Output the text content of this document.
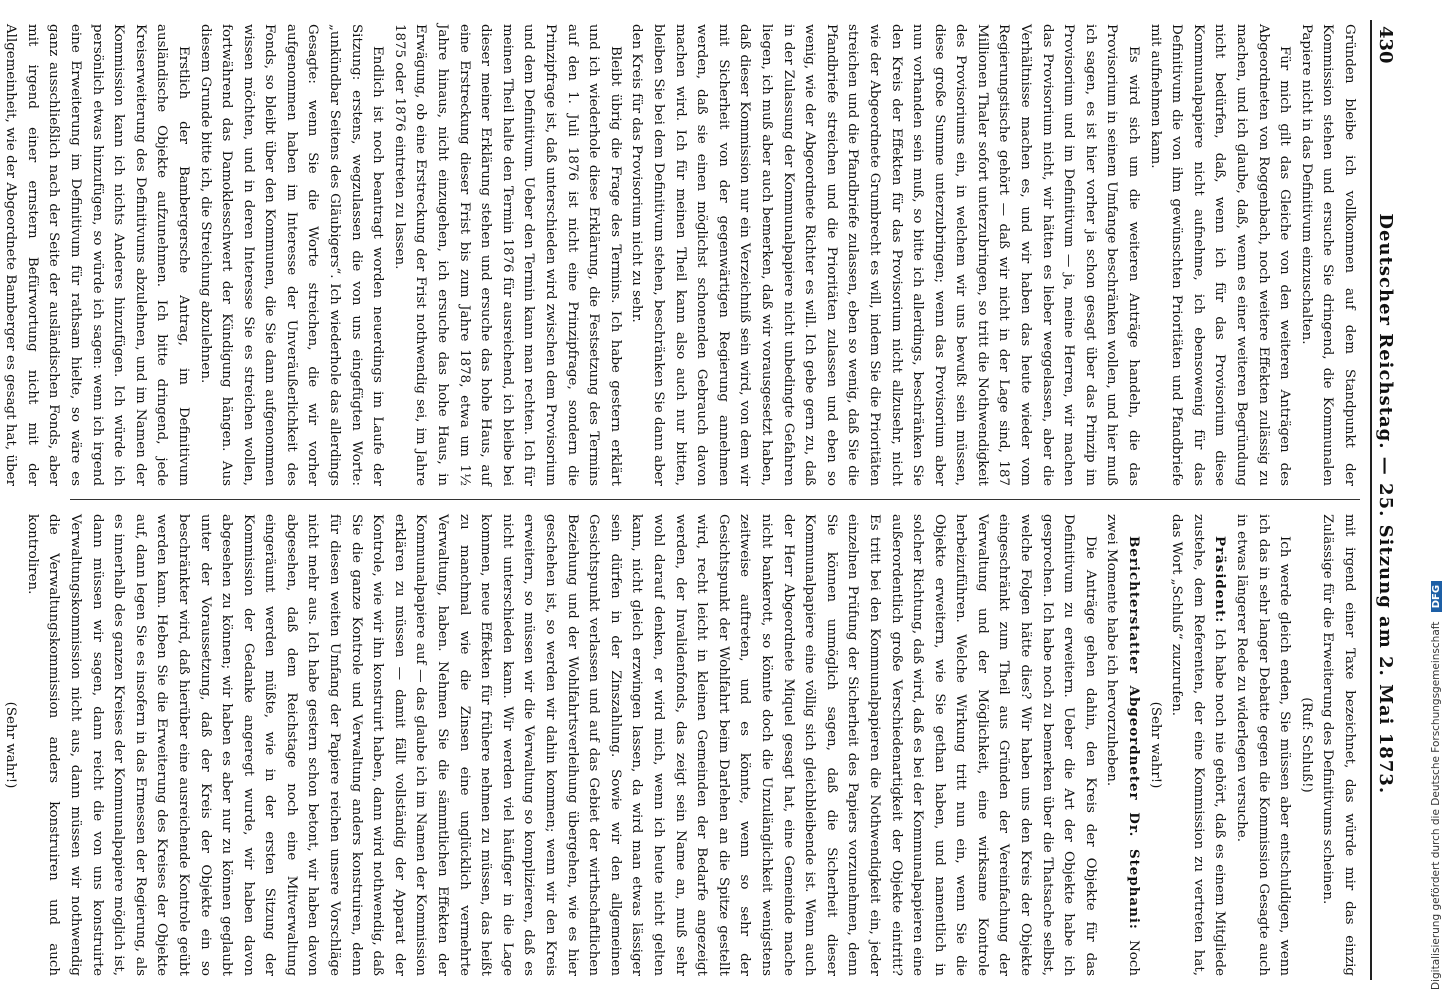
430
Deutscher Reichstag. — 25. Sitzung am 2. Mai 1873.

Gründen bleibe ich vollkommen auf dem Standpunkt der Kommission stehen und ersuche Sie dringend, die Kommunalen Papiere nicht in das Definitivum einzuschalten.

Für mich gilt das Gleiche von den weiteren Anträgen des Abgeordneten von Roggenbach, noch weitere Effekten zulässig zu machen, und ich glaube, daß, wenn es einer weiteren Begründung nicht bedürfen, daß, wenn ich für das Provisorium diese Kommunalpapiere nicht aufnehme, ich ebensowenig für das Definitivum die von ihm gewünschten Prioritäten und Pfandbriefe mit aufnehmen kann.

Es wird sich um die weiteren Anträge handeln, die das Provisorium in seinem Umfange beschränken wollen, und hier muß ich sagen, es ist hier vorher ja schon gesagt über das Prinzip im Provisorium und im Definitivum — ja, meine Herren, wir machen das Provisorium nicht, wir hätten es lieber weggelassen, aber die Verhältnisse machen es, und wir haben das heute wieder vom Regierungstische gehört — daß wir nicht in der Lage sind, 187 Millionen Thaler sofort unterzubringen, so tritt die Nothwendigkeit des Provisoriums ein, in welchem wir uns bewußt sein müssen, diese große Summe unterzubringen; wenn das Provisorium aber nun vorhanden sein muß, so bitte ich allerdings, beschränken Sie den Kreis der Effekten für das Provisorium nicht allzusehr, nicht wie der Abgeordnete Grumbrecht es will, indem Sie die Prioritäten streichen und die Pfandbriefe zulassen, eben so wenig, daß Sie die Pfandbriefe streichen und die Prioritäten zulassen und eben so wenig, wie der Abgeordnete Richter es will. Ich gebe gern zu, daß in der Zulassung der Kommunalpapiere nicht unbedingte Gefahren liegen, ich muß aber auch bemerken, daß wir vorausgesetzt haben, daß dieser Kommission nur ein Verzeichniß sein wird, von dem wir mit Sicherheit von der gegenwärtigen Regierung annehmen werden, daß sie einen möglichst schonenden Gebrauch davon machen wird. Ich für meinen Theil kann also auch nur bitten, bleiben Sie bei dem Definitivum stehen, beschränken Sie dann aber den Kreis für das Provisorium nicht zu sehr.

Bleibt übrig die Frage des Termins. Ich habe gestern erklärt und ich wiederhole diese Erklärung, die Festsetzung des Termins auf den 1. Juli 1876 ist nicht eine Prinzipfrage, sondern die Prinzipfrage ist, daß unterschieden wird zwischen dem Provisorium und dem Definitivum. Ueber den Termin kann man rechten. Ich für meinen Theil halte den Termin 1876 für ausreichend, ich bleibe bei dieser meiner Erklärung stehen und ersuche das hohe Haus, auf eine Erstreckung dieser Frist bis zum Jahre 1878, etwa um 1½ Jahre hinaus, nicht einzugehen, ich ersuche das hohe Haus, in Erwägung, ob eine Erstreckung der Frist nothwendig sei, im Jahre 1875 oder 1876 eintreten zu lassen.

Endlich ist noch beantragt worden neuerdings im Laufe der Sitzung: erstens, wegzulassen die von uns eingefügten Worte: „unkündbar Seitens des Gläubigers“. Ich wiederhole das allerdings Gesagte: wenn Sie die Worte streichen, die wir vorher aufgenommen haben im Interesse der Unveräußerlichkeit des Fonds, so bleibt über den Kommunen, die Sie dann aufgenommen wissen möchten, und in deren Interesse Sie es streichen wollen, fortwährend das Damoklesschwert der Kündigung hängen. Aus diesem Grunde bitte ich, die Streichung abzulehnen.

Erstlich der Bambergersche Antrag, im Definitivum ausländische Objekte aufzunehmen. Ich bitte dringend, jede Kreiserweiterung des Definitivums abzulehnen, und im Namen der Kommission kann ich nichts Anderes hinzufügen. Ich würde ich persönlich etwas hinzufügen, so würde ich sagen: wenn ich irgend eine Erweiterung im Definitivum für rathsam hielte, so wäre es ganz ausschließlich nach der Seite der ausländischen Fonds, aber mit irgend einer ernstern Befürwortung nicht mit der Allgemeinheit, wie der Abgeordnete Bamberger es gesagt hat, über

mit irgend einer Taxe bezeichnet, das würde mir das einzig Zulässige für die Erweiterung des Definitivums scheinen.

(Ruf: Schluß!)

Ich werde gleich enden, Sie müssen aber entschuldigen, wenn ich das in sehr langer Debatte gegen die Kommission Gesagte auch in etwas längerer Rede zu widerlegen versuche.

Präsident: Ich habe noch nie gehört, daß es einem Mitgliede zustehe, dem Referenten, der eine Kommission zu vertreten hat, das Wort „Schluß“ zuzurufen.

(Sehr wahr!)

Berichterstatter Abgeordneter Dr. Stephani: Noch zwei Momente habe ich hervorzuheben.

Die Anträge gehen dahin, den Kreis der Objekte für das Definitivum zu erweitern. Ueber die Art der Objekte habe ich gesprochen. Ich habe noch zu bemerken über die Thatsache selbst, welche Folgen hätte dies? Wir haben uns den Kreis der Objekte eingeschränkt zum Theil aus Gründen der Vereinfachung der Verwaltung und der Möglichkeit, eine wirksame Kontrole herbeizuführen. Welche Wirkung tritt nun ein, wenn Sie die Objekte erweitern, wie Sie gethan haben, und namentlich in solcher Richtung, daß wird, daß es bei der Kommunalpapieren eine außerordentlich große Verschiedenartigkeit der Objekte eintritt? Es tritt bei den Kommunalpapieren die Nothwendigkeit ein, jeder einzelnen Prüfung der Sicherheit des Papiers vorzunehmen, denn Sie können unmöglich sagen, daß die Sicherheit dieser Kommunalpapiere eine völlig sich gleichbleibende ist. Wenn auch der Herr Abgeordnete Miquel gesagt hat, eine Gemeinde mache nicht bankerott, so könnte doch die Unzulänglichkeit wenigstens zeitweise auftreten, und es könnte, wenn so sehr der Gesichtspunkt der Wohlfahrt beim Darlehen an die Spitze gestellt wird, recht leicht in kleinen Gemeinden der Bedarfe angezeigt werden, der Invalidenfonds, das zeigt sein Name an, muß sehr wohl darauf denken, er wird mich, wenn ich heute nicht gelten kann, nicht gleich erzwingen lassen, da wird man etwas lässiger sein dürfen in der Zinszahlung. Sowie wir den allgemeinen Gesichtspunkt verlassen und auf das Gebiet der wirthschaftlichen Beziehung und der Wohlfahrtsverleihung übergehen, wie es hier geschehen ist, so werden wir dahin kommen; wenn wir den Kreis erweitern, so müssen wir die Verwaltung so komplizieren, daß es nicht unterschieden kann. Wir werden viel häufiger in die Lage kommen, neue Effekten für frühere nehmen zu müssen, das heißt zu manchmal wie die Zinsen eine unglücklich vermehrte Verwaltung, haben. Nehmen Sie die sämmtlichen Effekten der Kommunalpapiere auf — das glaube ich im Namen der Kommission erklären zu müssen — damit fällt vollständig der Apparat der Kontrole, wie wir ihn konstruirt haben, dann wird nothwendig, daß Sie die ganze Kontrole und Verwaltung anders konstruiren, denn für diesen weiten Umfang der Papiere reichen unsere Vorschläge nicht mehr aus. Ich habe gestern schon betont, wir haben davon abgesehen, daß dem Reichstage noch eine Mitverwaltung eingeräumt werden müßte, wie in der ersten Sitzung der Kommission der Gedanke angeregt wurde, wir haben davon abgesehen zu können; wir haben es aber nur zu können geglaubt unter der Voraussetzung, daß der Kreis der Objekte ein so beschränkter wird, daß hierüber eine ausreichende Kontrole geübt werden kann. Heben Sie die Erweiterung des Kreises der Objekte auf, dann legen Sie es insofern in das Ermessen der Regierung, als es innerhalb des ganzen Kreises der Kommunalpapiere möglich ist, dann müssen wir sagen, dann reicht die von uns konstruirte Verwaltungskommission nicht aus, dann müssen wir nothwendig die Verwaltungskommission anders konstruiren und auch kontroliren.

(Sehr wahr!)	Digitalisierung gefördert durch die Deutsche Forschungsgemeinschaft DFG
